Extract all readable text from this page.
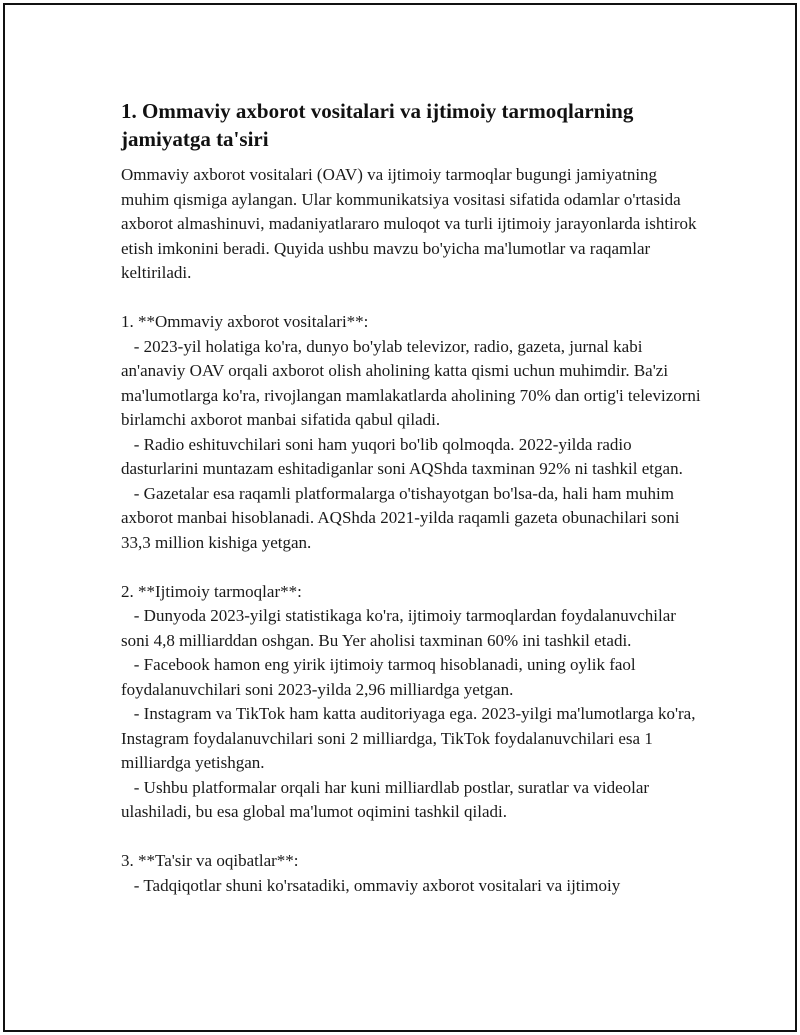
1. Ommaviy axborot vositalari va ijtimoiy tarmoqlarning jamiyatga ta'siri

Ommaviy axborot vositalari (OAV) va ijtimoiy tarmoqlar bugungi jamiyatning muhim qismiga aylangan. Ular kommunikatsiya vositasi sifatida odamlar o'rtasida axborot almashinuvi, madaniyatlararo muloqot va turli ijtimoiy jarayonlarda ishtirok etish imkonini beradi. Quyida ushbu mavzu bo'yicha ma'lumotlar va raqamlar keltiriladi.

1. **Ommaviy axborot vositalari**:

- 2023-yil holatiga ko'ra, dunyo bo'ylab televizor, radio, gazeta, jurnal kabi an'anaviy OAV orqali axborot olish aholining katta qismi uchun muhimdir. Ba'zi ma'lumotlarga ko'ra, rivojlangan mamlakatlarda aholining 70% dan ortig'i televizorni birlamchi axborot manbai sifatida qabul qiladi.

- Radio eshituvchilari soni ham yuqori bo'lib qolmoqda. 2022-yilda radio dasturlarini muntazam eshitadiganlar soni AQShda taxminan 92% ni tashkil etgan.

- Gazetalar esa raqamli platformalarga o'tishayotgan bo'lsa-da, hali ham muhim axborot manbai hisoblanadi. AQShda 2021-yilda raqamli gazeta obunachilari soni 33,3 million kishiga yetgan.

2. **Ijtimoiy tarmoqlar**:

- Dunyoda 2023-yilgi statistikaga ko'ra, ijtimoiy tarmoqlardan foydalanuvchilar soni 4,8 milliarddan oshgan. Bu Yer aholisi taxminan 60% ini tashkil etadi.

- Facebook hamon eng yirik ijtimoiy tarmoq hisoblanadi, uning oylik faol foydalanuvchilari soni 2023-yilda 2,96 milliardga yetgan.

- Instagram va TikTok ham katta auditoriyaga ega. 2023-yilgi ma'lumotlarga ko'ra, Instagram foydalanuvchilari soni 2 milliardga, TikTok foydalanuvchilari esa 1 milliardga yetishgan.

- Ushbu platformalar orqali har kuni milliardlab postlar, suratlar va videolar ulashiladi, bu esa global ma'lumot oqimini tashkil qiladi.

3. **Ta'sir va oqibatlar**:

- Tadqiqotlar shuni ko'rsatadiki, ommaviy axborot vositalari va ijtimoiy
